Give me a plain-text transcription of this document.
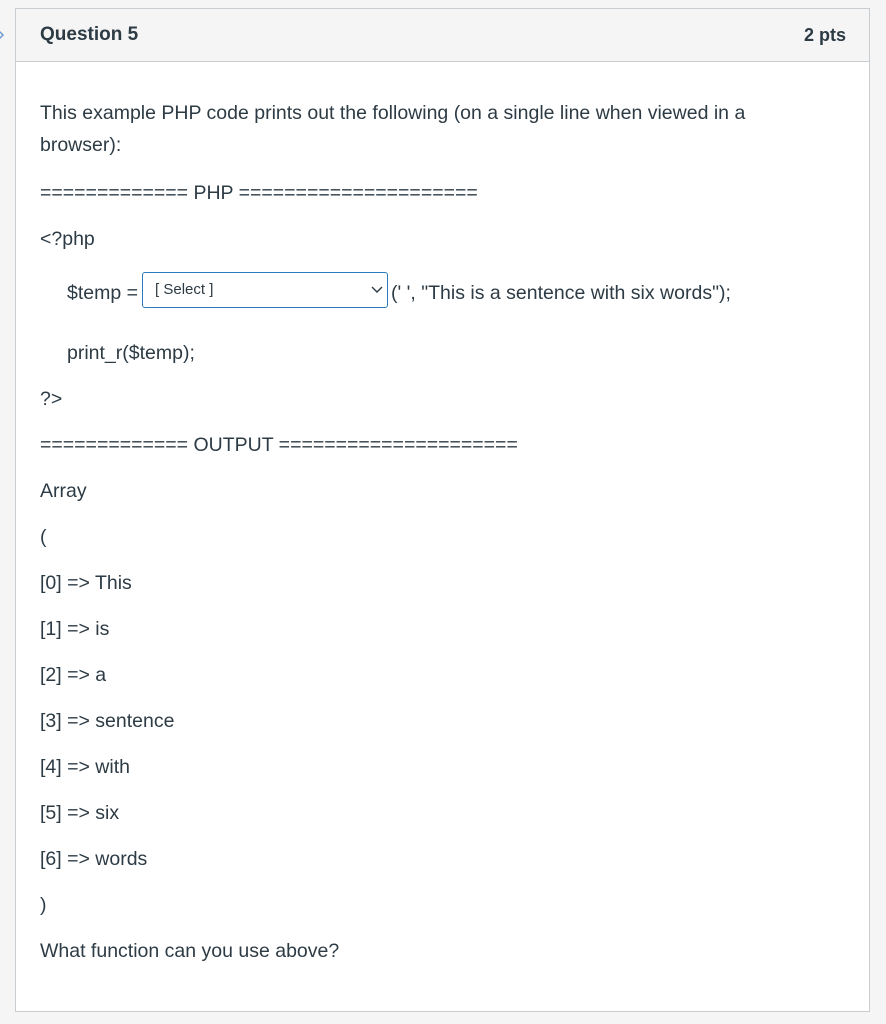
Question 5	2 pts
This example PHP code prints out the following (on a single line when viewed in a browser):
============= PHP =====================
<?php
$temp = [ Select ]	(' ', "This is a sentence with six words");
print_r($temp);
?>
============= OUTPUT =====================
Array
(
[0] => This
[1] => is
[2] => a
[3] => sentence
[4] => with
[5] => six
[6] => words
)
What function can you use above?
